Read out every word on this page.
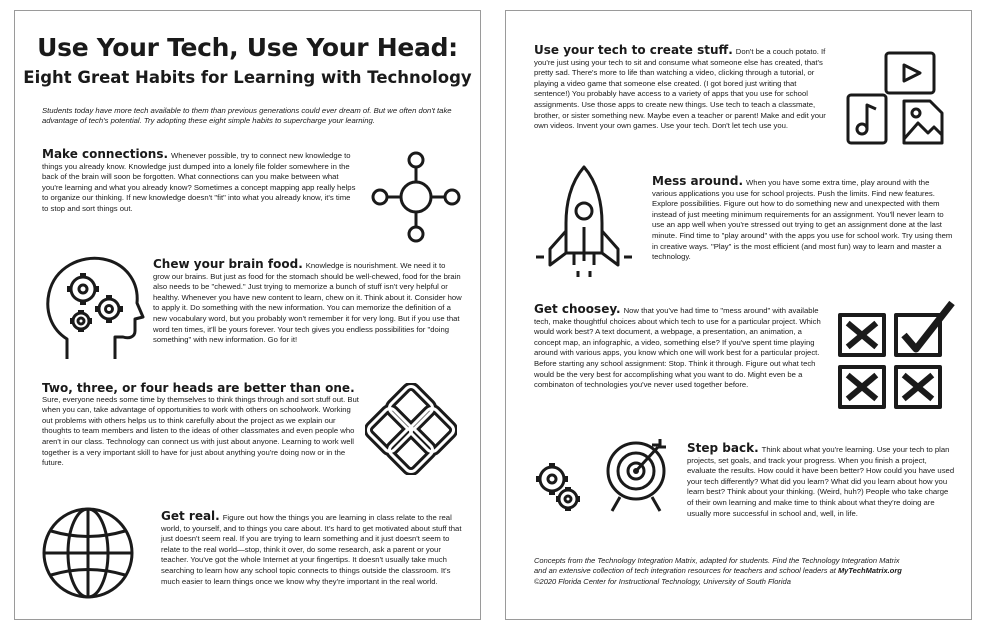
Use Your Tech, Use Your Head:
Eight Great Habits for Learning with Technology
Students today have more tech available to them than previous generations could ever dream of. But we often don't take advantage of tech's potential. Try adopting these eight simple habits to supercharge your learning.
Make connections. Whenever possible, try to connect new knowledge to things you already know. Knowledge just dumped into a lonely file folder somewhere in the back of the brain will soon be forgotten. What connections can you make between what you're learning and what you already know? Sometimes a concept mapping app really helps to organize our thinking. If new knowledge doesn't "fit" into what you already know, it's time to stop and sort things out.
Chew your brain food. Knowledge is nourishment. We need it to grow our brains. But just as food for the stomach should be well-chewed, food for the brain also needs to be "chewed." Just trying to memorize a bunch of stuff isn't very helpful or healthy. Whenever you have new content to learn, chew on it. Think about it. Consider how to apply it. Do something with the new information. You can memorize the definition of a new vocabulary word, but you probably won't remember it for very long. But if you use that word ten times, it'll be yours forever. Your tech gives you endless possibilities for "doing something" with new information. Go for it!
Two, three, or four heads are better than one.
Sure, everyone needs some time by themselves to think things through and sort stuff out. But when you can, take advantage of opportunities to work with others on schoolwork. Working out problems with others helps us to think carefully about the project as we explain our thoughts to team members and listen to the ideas of other classmates and even people who aren't in our class. Technology can connect us with just about anyone. Learning to work well together is a very important skill to have for just about anything you're doing now or in the future.
Get real. Figure out how the things you are learning in class relate to the real world, to yourself, and to things you care about. It's hard to get motivated about stuff that just doesn't seem real. If you are trying to learn something and it just doesn't seem to relate to the real world—stop, think it over, do some research, ask a parent or your teacher. You've got the whole Internet at your fingertips. It doesn't usually take much searching to learn how any school topic connects to things outside the classroom. It's much easier to learn things once we know why they're important in the real world.
Use your tech to create stuff. Don't be a couch potato. If you're just using your tech to sit and consume what someone else has created, that's pretty sad. There's more to life than watching a video, clicking through a tutorial, or playing a video game that someone else created. (I got bored just writing that sentence!) You probably have access to a variety of apps that you use for school assignments. Use those apps to create new things. Use tech to teach a classmate, brother, or sister something new. Maybe even a teacher or parent! Make and edit your own videos. Invent your own games. Use your tech. Don't let tech use you.
Mess around. When you have some extra time, play around with the various applications you use for school projects. Push the limits. Find new features. Explore possibilities. Figure out how to do something new and unexpected with them instead of just meeting minimum requirements for an assignment. You'll never learn to use an app well when you're stressed out trying to get an assignment done at the last minute. Find time to "play around" with the apps you use for school work. Try using them in creative ways. "Play" is the most efficient (and most fun) way to learn and master a technology.
Get choosey. Now that you've had time to "mess around" with available tech, make thoughtful choices about which tech to use for a particular project. Which would work best? A text document, a webpage, a presentation, an animation, a concept map, an infographic, a video, something else? If you've spent time playing around with various apps, you know which one will work best for a particular project. Before starting any school assignment: Stop. Think it through. Figure out what tech would be the very best for accomplishing what you want to do. Might even be a combinaton of technologies you've never used together before.
Step back. Think about what you're learning. Use your tech to plan projects, set goals, and track your progress. When you finish a project, evaluate the results. How could it have been better? How could you have used your tech differently? What did you learn? What did you learn about how you learn best? Think about your thinking. (Weird, huh?) People who take charge of their own learning and make time to think about what they're doing are usually more successful in school and, well, in life.
Concepts from the Technology Integration Matrix, adapted for students. Find the Technology Integration Matrix
and an extensive collection of tech integration resources for teachers and school leaders at MyTechMatrix.org
©2020 Florida Center for Instructional Technology, University of South Florida
